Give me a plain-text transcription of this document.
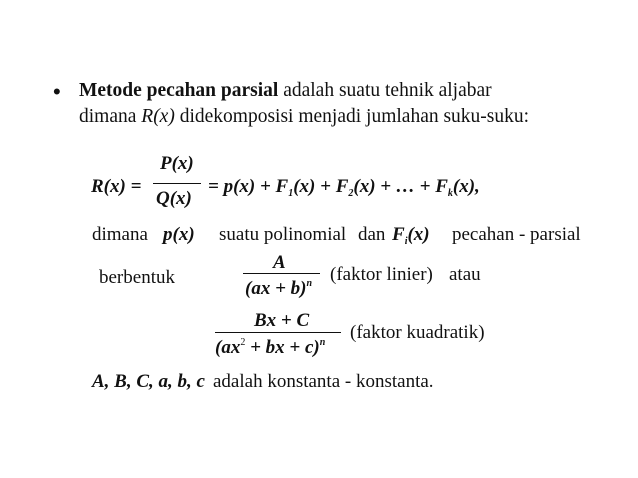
• Metode pecahan parsial adalah suatu tehnik aljabar
dimana R(x) didekomposisi menjadi jumlahan suku-suku:
R(x) =
P(x)
Q(x)
= $p(x) + F_1(x) + F_2(x)$ + … + $F_k(x)$,
dimana p(x) suatu polinomial dan $F_i(x)$ pecahan - parsial
berbentuk
A
(ax + b)$^n$ (faktor linier) atau
Bx + C
($ax^2$ + bx + c)$^n$ (faktor kuadratik)
A, B, C, a, b, c adalah konstanta - konstanta.
